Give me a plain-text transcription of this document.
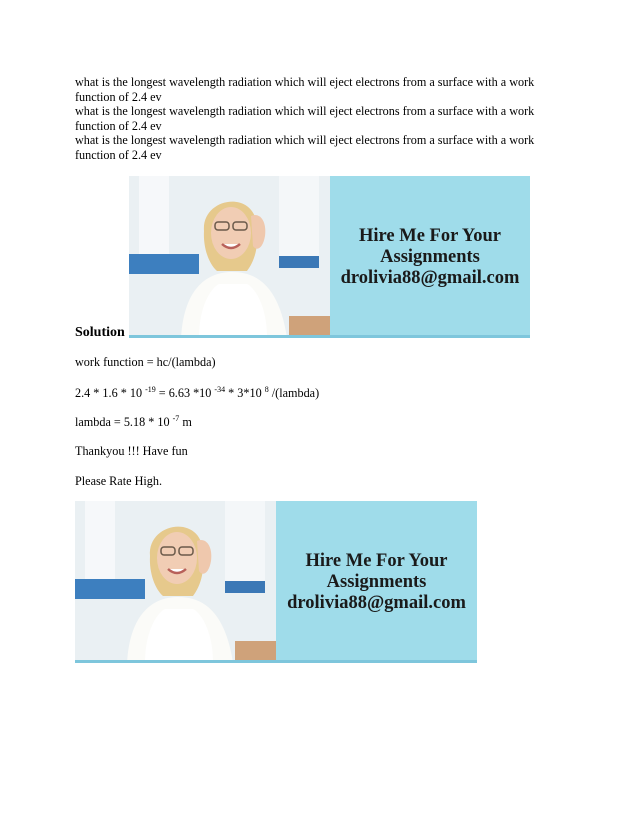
what is the longest wavelength radiation which will eject electrons from a surface with a work function of 2.4 ev

what is the longest wavelength radiation which will eject electrons from a surface with a work function of 2.4 ev

what is the longest wavelength radiation which will eject electrons from a surface with a work function of 2.4 ev

Hire Me For Your
Assignments
drolivia88@gmail.com
Solution
work function = hc/(lambda)
2.4 * 1.6 * 10 $^{-19}$ = 6.63 *10 $^{-34}$ * 3*10 $^8$ /(lambda)
lambda = 5.18 * 10 $^{-7}$ m
Thankyou !!! Have fun
Please Rate High.
Hire Me For Your
Assignments
drolivia88@gmail.com
